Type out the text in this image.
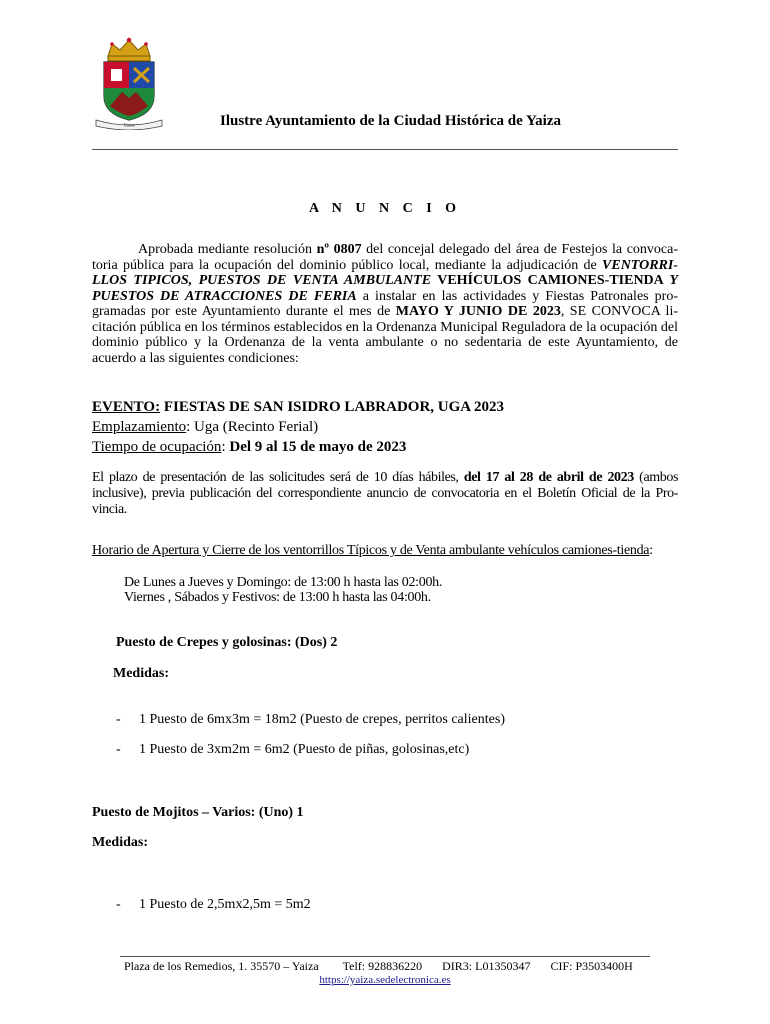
Yaiza	Ilustre Ayuntamiento de la Ciudad Histórica de Yaiza
A N U N C I O
Aprobada mediante resolución nº 0807 del concejal delegado del área de Festejos la convoca-toria pública para la ocupación del dominio público local, mediante la adjudicación de VENTORRI-LLOS TIPICOS, PUESTOS DE VENTA AMBULANTE VEHÍCULOS CAMIONES-TIENDA Y PUESTOS DE ATRACCIONES DE FERIA a instalar en las actividades y Fiestas Patronales pro-gramadas por este Ayuntamiento durante el mes de MAYO Y JUNIO DE 2023, SE CONVOCA li-citación pública en los términos establecidos en la Ordenanza Municipal Reguladora de la ocupación del dominio público y la Ordenanza de la venta ambulante o no sedentaria de este Ayuntamiento, de acuerdo a las siguientes condiciones:
EVENTO: FIESTAS DE SAN ISIDRO LABRADOR, UGA 2023
Emplazamiento: Uga (Recinto Ferial)
Tiempo de ocupación: Del 9 al 15 de mayo de 2023
El plazo de presentación de las solicitudes será de 10 días hábiles, del 17 al 28 de abril de 2023 (ambos inclusive), previa publicación del correspondiente anuncio de convocatoria en el Boletín Oficial de la Pro-vincia.
Horario de Apertura y Cierre de los ventorrillos Típicos y de Venta ambulante vehículos camiones-tienda:
De Lunes a Jueves y Domingo: de 13:00 h hasta las 02:00h.
Viernes , Sábados y Festivos: de 13:00 h hasta las 04:00h.
Puesto de Crepes y golosinas: (Dos) 2
Medidas:
- 1 Puesto de 6mx3m = 18m2 (Puesto de crepes, perritos calientes)
- 1 Puesto de 3xm2m = 6m2 (Puesto de piñas, golosinas,etc)
Puesto de Mojitos – Varios: (Uno) 1
Medidas:
- 1 Puesto de 2,5mx2,5m = 5m2
Plaza de los Remedios, 1. 35570 – Yaiza Telf: 928836220 DIR3: L01350347 CIF: P3503400H
https://yaiza.sedelectronica.es
